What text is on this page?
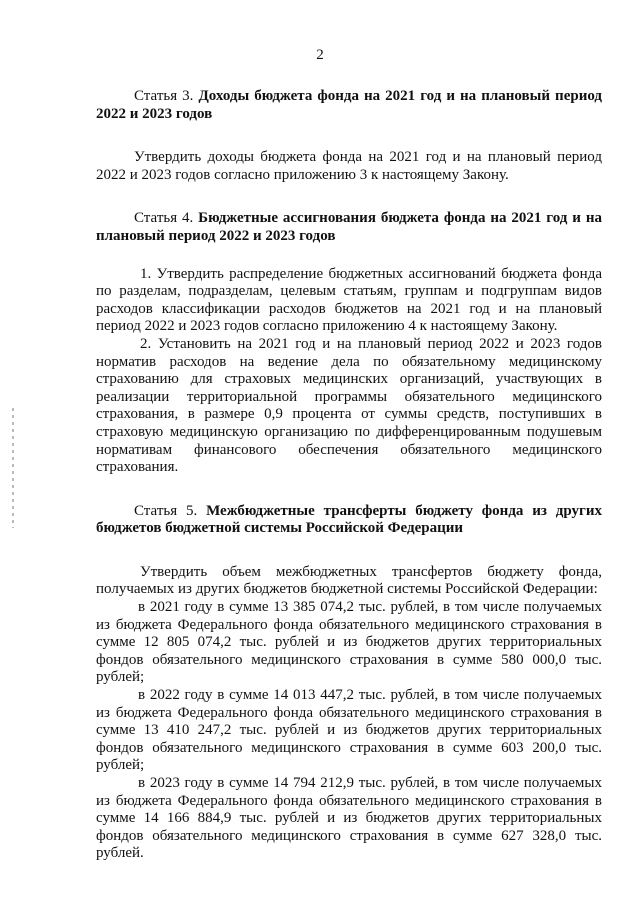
2

Статья 3. Доходы бюджета фонда на 2021 год и на плановый период 2022 и 2023 годов

Утвердить доходы бюджета фонда на 2021 год и на плановый период 2022 и 2023 годов согласно приложению 3 к настоящему Закону.

Статья 4. Бюджетные ассигнования бюджета фонда на 2021 год и на плановый период 2022 и 2023 годов

1. Утвердить распределение бюджетных ассигнований бюджета фонда по разделам, подразделам, целевым статьям, группам и подгруппам видов расходов классификации расходов бюджетов на 2021 год и на плановый период 2022 и 2023 годов согласно приложению 4 к настоящему Закону.

2. Установить на 2021 год и на плановый период 2022 и 2023 годов норматив расходов на ведение дела по обязательному медицинскому страхованию для страховых медицинских организаций, участвующих в реализации территориальной программы обязательного медицинского страхования, в размере 0,9 процента от суммы средств, поступивших в страховую медицинскую организацию по дифференцированным подушевым нормативам финансового обеспечения обязательного медицинского страхования.

Статья 5. Межбюджетные трансферты бюджету фонда из других бюджетов бюджетной системы Российской Федерации

Утвердить объем межбюджетных трансфертов бюджету фонда, получаемых из других бюджетов бюджетной системы Российской Федерации:

в 2021 году в сумме 13 385 074,2 тыс. рублей, в том числе получаемых из бюджета Федерального фонда обязательного медицинского страхования в сумме 12 805 074,2 тыс. рублей и из бюджетов других территориальных фондов обязательного медицинского страхования в сумме 580 000,0 тыс. рублей;

в 2022 году в сумме 14 013 447,2 тыс. рублей, в том числе получаемых из бюджета Федерального фонда обязательного медицинского страхования в сумме 13 410 247,2 тыс. рублей и из бюджетов других территориальных фондов обязательного медицинского страхования в сумме 603 200,0 тыс. рублей;

в 2023 году в сумме 14 794 212,9 тыс. рублей, в том числе получаемых из бюджета Федерального фонда обязательного медицинского страхования в сумме 14 166 884,9 тыс. рублей и из бюджетов других территориальных фондов обязательного медицинского страхования в сумме 627 328,0 тыс. рублей.
